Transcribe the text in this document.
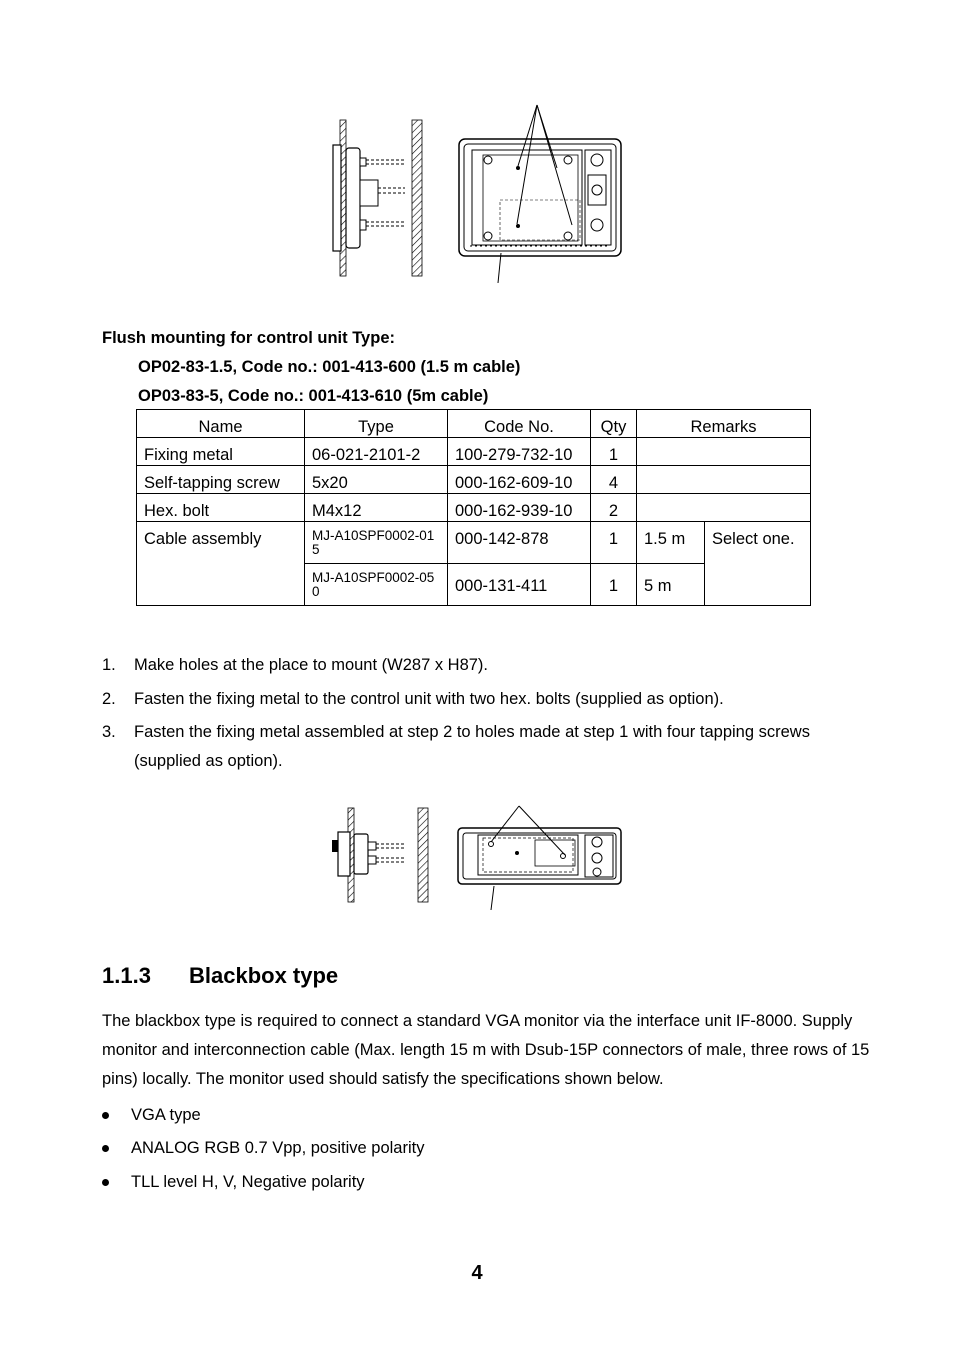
Flush mounting for control unit Type:
OP02-83-1.5, Code no.: 001-413-600 (1.5 m cable)
OP03-83-5, Code no.: 001-413-610 (5m cable)
Name	Type	Code No.	Qty	Remarks	
Fixing metal	06-021-2101-2	100-279-732-10	1		
Self-tapping screw	5x20	000-162-609-10	4		
Hex. bolt	M4x12	000-162-939-10	2		
Cable assembly	MJ-A10SPF0002-015	000-142-878	1	1.5 m	Select one.
	MJ-A10SPF0002-050	000-131-411	1	5 m	
1.	Make holes at the place to mount (W287 x H87).
2.	Fasten the fixing metal to the control unit with two hex. bolts (supplied as option).
3.	Fasten the fixing metal assembled at step 2 to holes made at step 1 with four tapping screws (supplied as option).
1.1.3 Blackbox type
The blackbox type is required to connect a standard VGA monitor via the interface unit IF-8000. Supply monitor and interconnection cable (Max. length 15 m with Dsub-15P connectors of male, three rows of 15 pins) locally. The monitor used should satisfy the specifications shown below.
VGA type
ANALOG RGB 0.7 Vpp, positive polarity
TLL level H, V, Negative polarity
4
